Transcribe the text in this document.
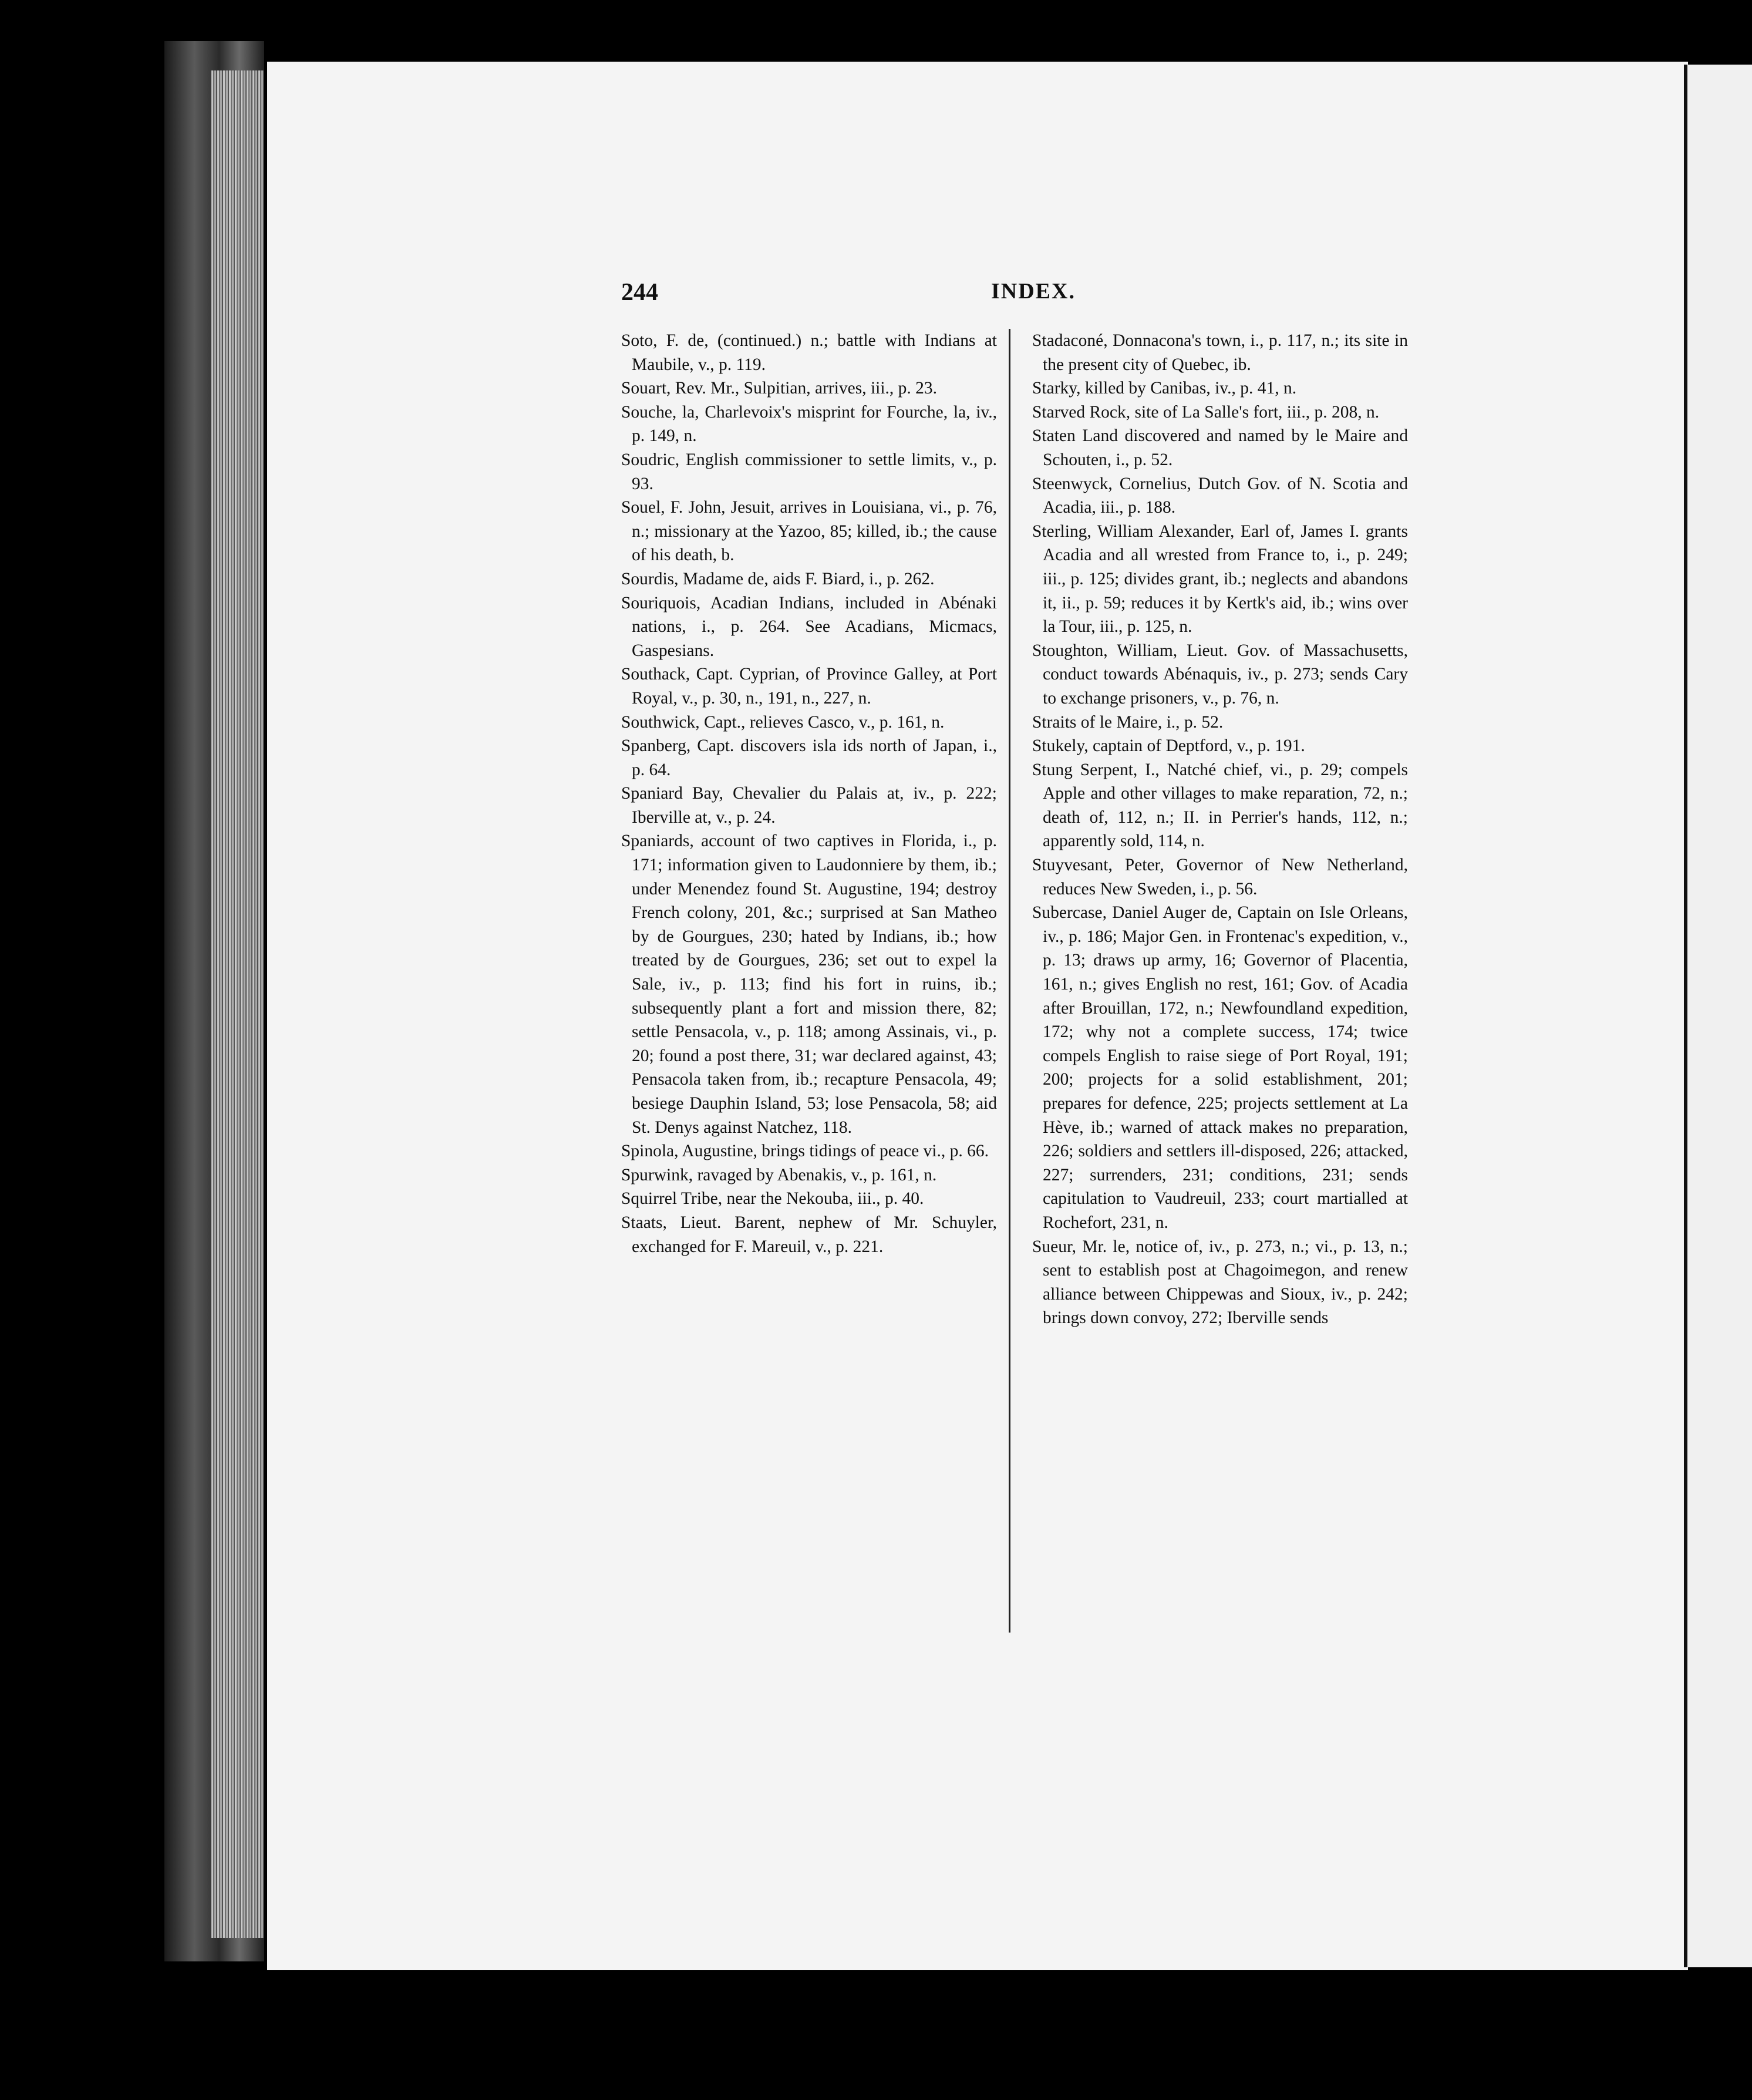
244	INDEX.

Soto, F. de, (continued.) n.; battle with Indians at Maubile, v., p. 119.

Souart, Rev. Mr., Sulpitian, arrives, iii., p. 23.

Souche, la, Charlevoix's misprint for Fourche, la, iv., p. 149, n.

Soudric, English commissioner to settle limits, v., p. 93.

Souel, F. John, Jesuit, arrives in Louisiana, vi., p. 76, n.; missionary at the Yazoo, 85; killed, ib.; the cause of his death, b.

Sourdis, Madame de, aids F. Biard, i., p. 262.

Souriquois, Acadian Indians, included in Abénaki nations, i., p. 264. See Acadians, Micmacs, Gaspesians.

Southack, Capt. Cyprian, of Province Galley, at Port Royal, v., p. 30, n., 191, n., 227, n.

Southwick, Capt., relieves Casco, v., p. 161, n.

Spanberg, Capt. discovers isla ids north of Japan, i., p. 64.

Spaniard Bay, Chevalier du Palais at, iv., p. 222; Iberville at, v., p. 24.

Spaniards, account of two captives in Florida, i., p. 171; information given to Laudonniere by them, ib.; under Menendez found St. Augustine, 194; destroy French colony, 201, &c.; surprised at San Matheo by de Gourgues, 230; hated by Indians, ib.; how treated by de Gourgues, 236; set out to expel la Sale, iv., p. 113; find his fort in ruins, ib.; subsequently plant a fort and mission there, 82; settle Pensacola, v., p. 118; among Assinais, vi., p. 20; found a post there, 31; war declared against, 43; Pensacola taken from, ib.; recapture Pensacola, 49; besiege Dauphin Island, 53; lose Pensacola, 58; aid St. Denys against Natchez, 118.

Spinola, Augustine, brings tidings of peace vi., p. 66.

Spurwink, ravaged by Abenakis, v., p. 161, n.

Squirrel Tribe, near the Nekouba, iii., p. 40.

Staats, Lieut. Barent, nephew of Mr. Schuyler, exchanged for F. Mareuil, v., p. 221.

Stadaconé, Donnacona's town, i., p. 117, n.; its site in the present city of Quebec, ib.

Starky, killed by Canibas, iv., p. 41, n.

Starved Rock, site of La Salle's fort, iii., p. 208, n.

Staten Land discovered and named by le Maire and Schouten, i., p. 52.

Steenwyck, Cornelius, Dutch Gov. of N. Scotia and Acadia, iii., p. 188.

Sterling, William Alexander, Earl of, James I. grants Acadia and all wrested from France to, i., p. 249; iii., p. 125; divides grant, ib.; neglects and abandons it, ii., p. 59; reduces it by Kertk's aid, ib.; wins over la Tour, iii., p. 125, n.

Stoughton, William, Lieut. Gov. of Massachusetts, conduct towards Abénaquis, iv., p. 273; sends Cary to exchange prisoners, v., p. 76, n.

Straits of le Maire, i., p. 52.

Stukely, captain of Deptford, v., p. 191.

Stung Serpent, I., Natché chief, vi., p. 29; compels Apple and other villages to make reparation, 72, n.; death of, 112, n.; II. in Perrier's hands, 112, n.; apparently sold, 114, n.

Stuyvesant, Peter, Governor of New Netherland, reduces New Sweden, i., p. 56.

Subercase, Daniel Auger de, Captain on Isle Orleans, iv., p. 186; Major Gen. in Frontenac's expedition, v., p. 13; draws up army, 16; Governor of Placentia, 161, n.; gives English no rest, 161; Gov. of Acadia after Brouillan, 172, n.; Newfoundland expedition, 172; why not a complete success, 174; twice compels English to raise siege of Port Royal, 191; 200; projects for a solid establishment, 201; prepares for defence, 225; projects settlement at La Hève, ib.; warned of attack makes no preparation, 226; soldiers and settlers ill-disposed, 226; attacked, 227; surrenders, 231; conditions, 231; sends capitulation to Vaudreuil, 233; court martialled at Rochefort, 231, n.

Sueur, Mr. le, notice of, iv., p. 273, n.; vi., p. 13, n.; sent to establish post at Chagoimegon, and renew alliance between Chippewas and Sioux, iv., p. 242; brings down convoy, 272; Iberville sends
